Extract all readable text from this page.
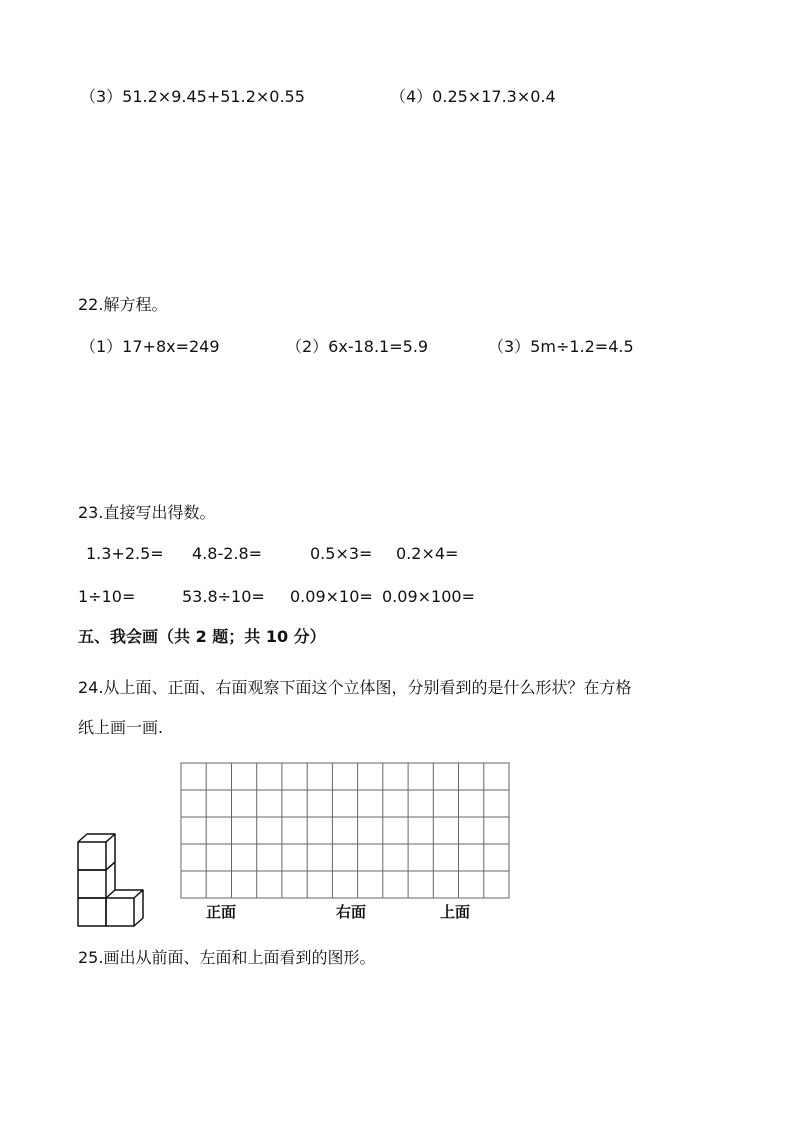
（3）51.2×9.45+51.2×0.55	（4）0.25×17.3×0.4
22.解方程。
（1）17+8x=249	（2）6x-18.1=5.9	（3）5m÷1.2=4.5
23.直接写出得数。
1.3+2.5= 4.8-2.8=	0.5×3= 0.2×4=
1÷10=	53.8÷10= 0.09×10= 0.09×100=
五、我会画（共 2 题；共 10 分）
24.从上面、正面、右面观察下面这个立体图，分别看到的是什么形状？在方格
纸上画一画.
正面	右面	上面
25.画出从前面、左面和上面看到的图形。
